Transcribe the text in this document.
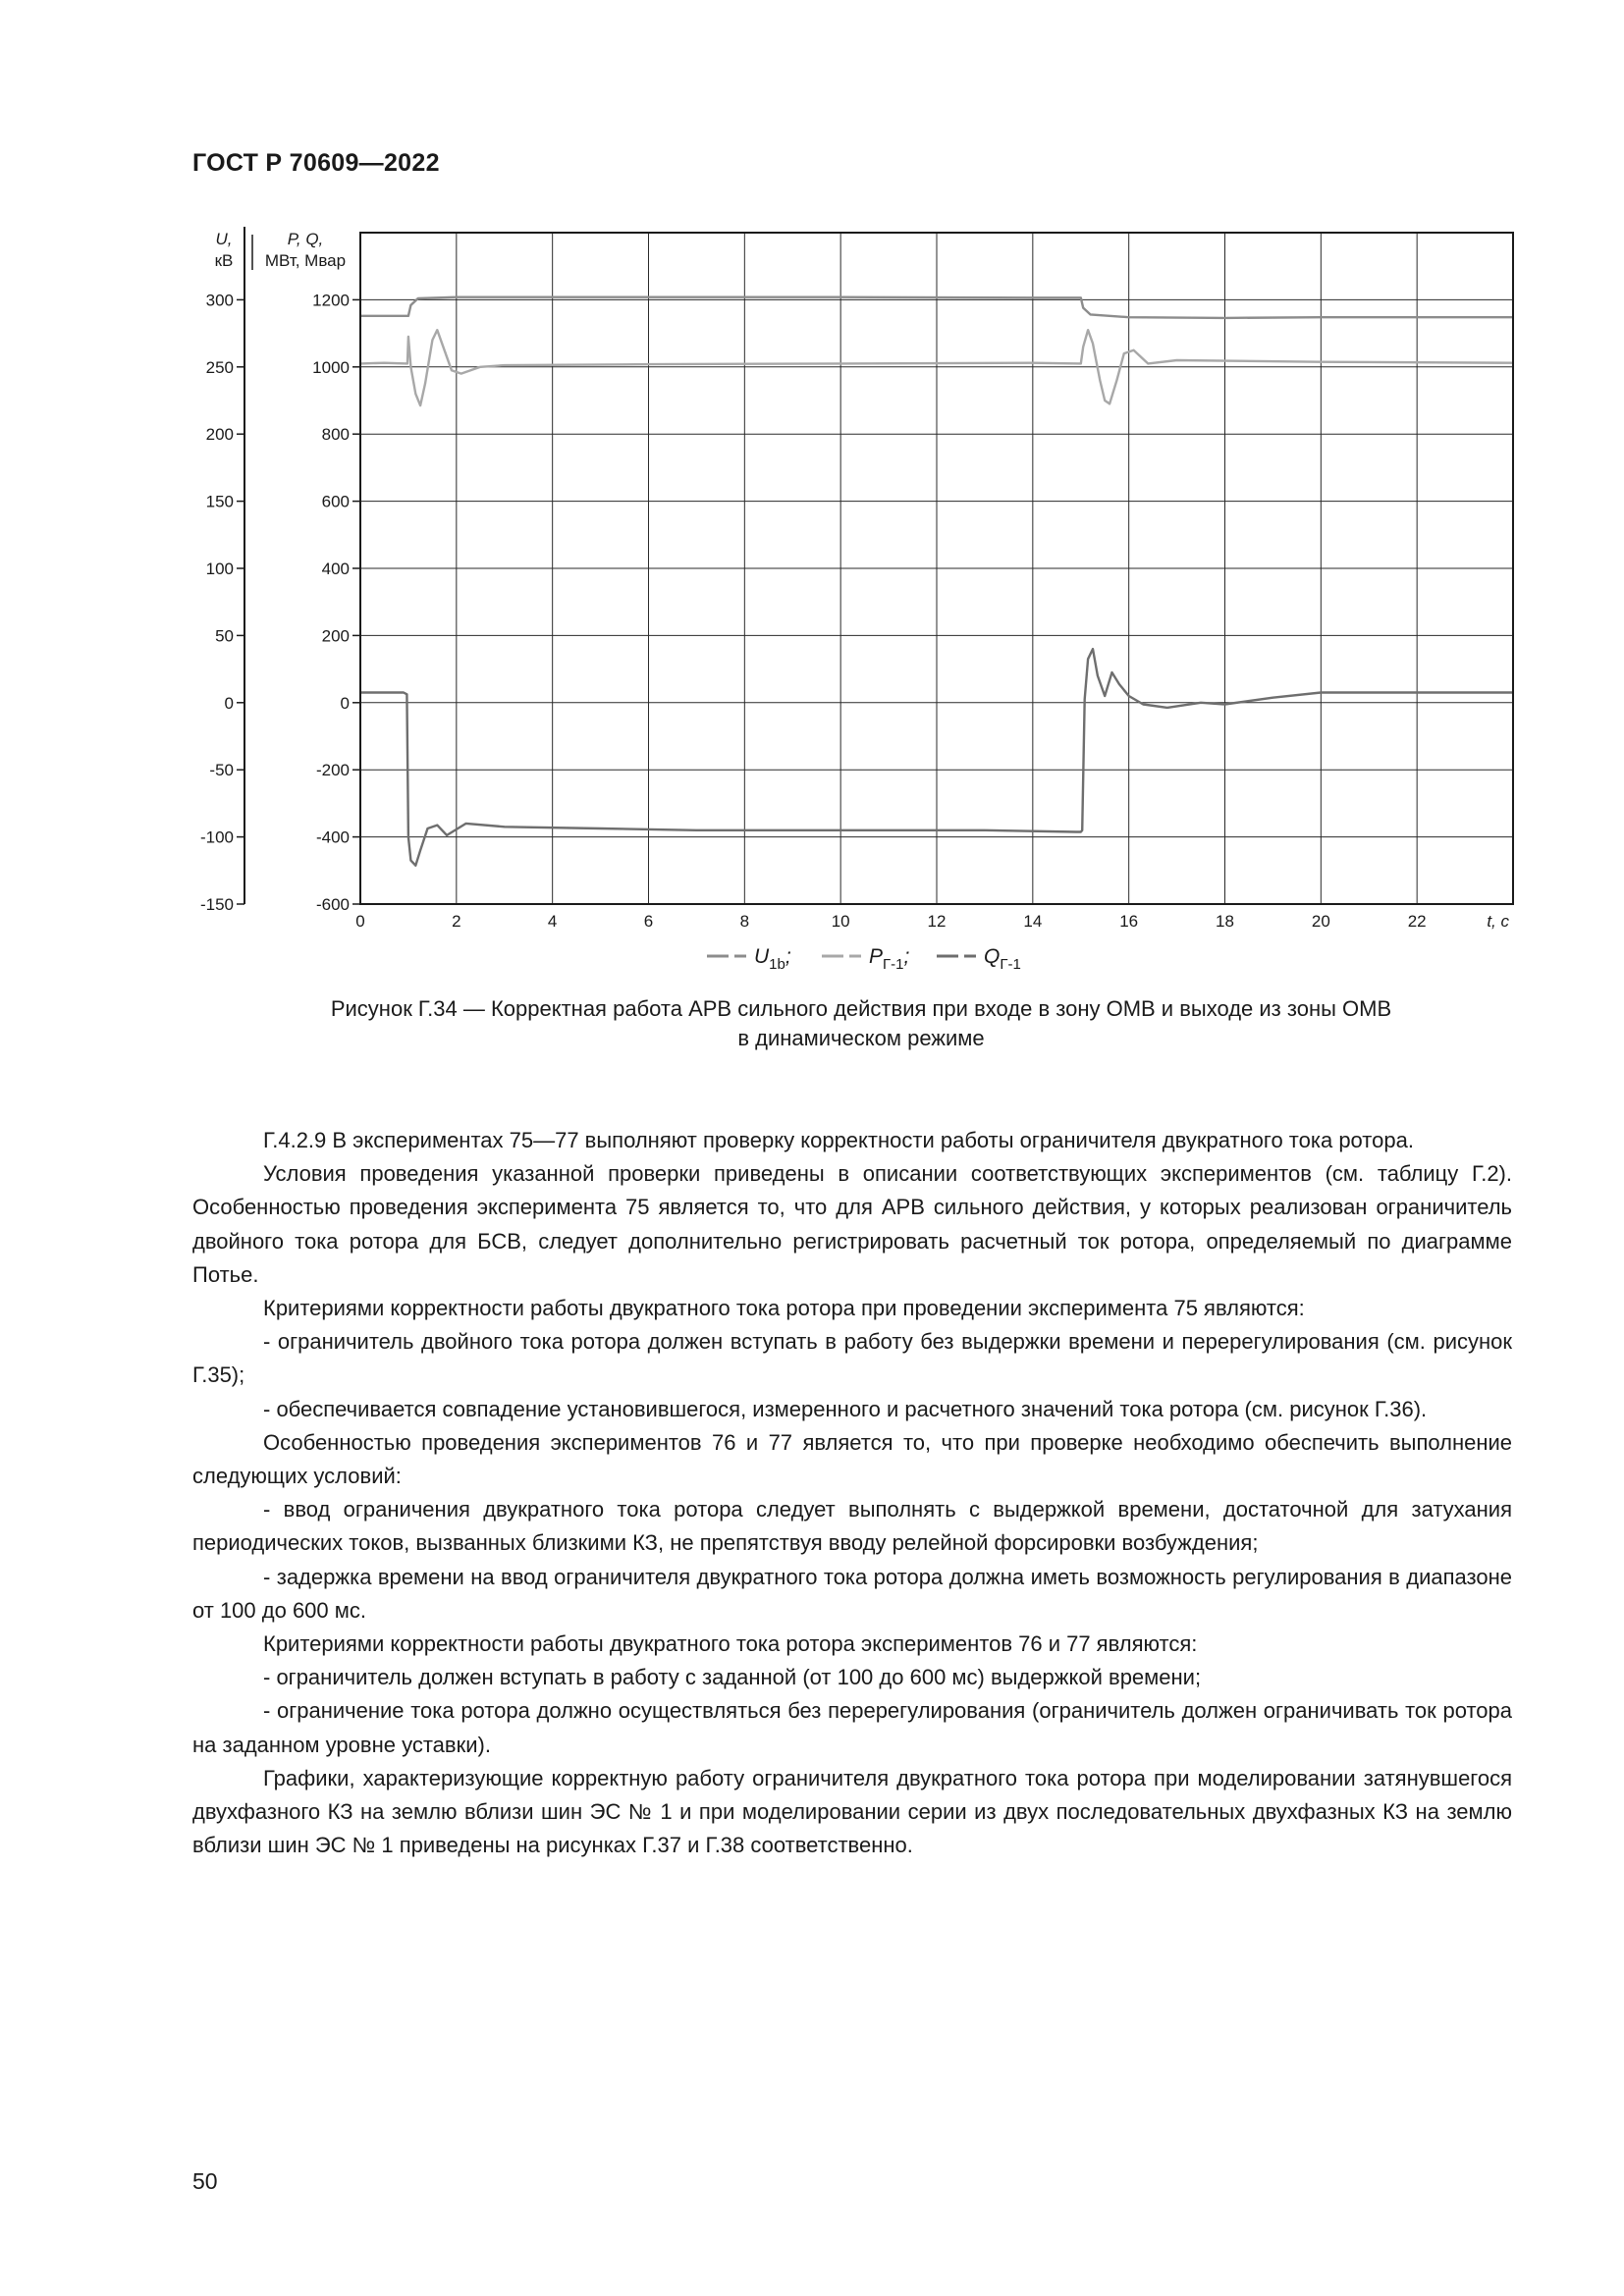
ГОСТ Р 70609—2022
300
250
200
150
100
50
0
-50
-100
-150
1200
1000
800
600
400
200
0
-200
-400
-600
0	2	4	6	8	10	12	14	16	18	20	22	t, с
U,
кВ
P, Q,
МВт, Мвар
$U_{1b}$;	$P_{Г-1}$;	$Q_{Г-1}$
Рисунок Г.34 — Корректная работа АРВ сильного действия при входе в зону ОМВ и выходе из зоны ОМВ
в динамическом режиме

Г.4.2.9 В экспериментах 75—77 выполняют проверку корректности работы ограничителя двукратного тока ротора.

Условия проведения указанной проверки приведены в описании соответствующих экспериментов (см. таблицу Г.2). Особенностью проведения эксперимента 75 является то, что для АРВ сильного действия, у которых реализован ограничитель двойного тока ротора для БСВ, следует дополнительно регистрировать расчетный ток ротора, определяемый по диаграмме Потье.

Критериями корректности работы двукратного тока ротора при проведении эксперимента 75 являются:

- ограничитель двойного тока ротора должен вступать в работу без выдержки времени и перерегулирования (см. рисунок Г.35);

- обеспечивается совпадение установившегося, измеренного и расчетного значений тока ротора (см. рисунок Г.36).

Особенностью проведения экспериментов 76 и 77 является то, что при проверке необходимо обеспечить выполнение следующих условий:

- ввод ограничения двукратного тока ротора следует выполнять с выдержкой времени, достаточной для затухания периодических токов, вызванных близкими КЗ, не препятствуя вводу релейной форсировки возбуждения;

- задержка времени на ввод ограничителя двукратного тока ротора должна иметь возможность регулирования в диапазоне от 100 до 600 мс.

Критериями корректности работы двукратного тока ротора экспериментов 76 и 77 являются:

- ограничитель должен вступать в работу с заданной (от 100 до 600 мс) выдержкой времени;

- ограничение тока ротора должно осуществляться без перерегулирования (ограничитель должен ограничивать ток ротора на заданном уровне уставки).

Графики, характеризующие корректную работу ограничителя двукратного тока ротора при моделировании затянувшегося двухфазного КЗ на землю вблизи шин ЭС № 1 и при моделировании серии из двух последовательных двухфазных КЗ на землю вблизи шин ЭС № 1 приведены на рисунках Г.37 и Г.38 соответственно.

50
